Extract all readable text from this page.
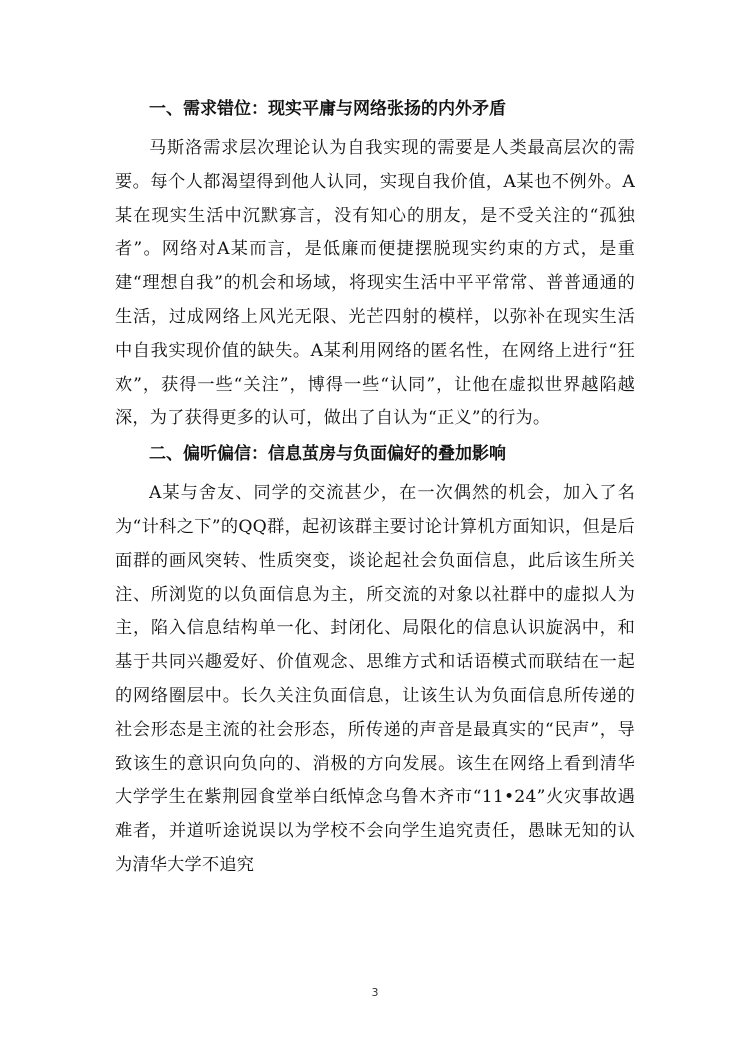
一、需求错位：现实平庸与网络张扬的内外矛盾

马斯洛需求层次理论认为自我实现的需要是人类最高层次的需要。每个人都渴望得到他人认同，实现自我价值，A某也不例外。A某在现实生活中沉默寡言，没有知心的朋友，是不受关注的“孤独者”。网络对A某而言，是低廉而便捷摆脱现实约束的方式，是重建“理想自我”的机会和场域，将现实生活中平平常常、普普通通的生活，过成网络上风光无限、光芒四射的模样，以弥补在现实生活中自我实现价值的缺失。A某利用网络的匿名性，在网络上进行“狂欢”，获得一些“关注”，博得一些“认同”，让他在虚拟世界越陷越深，为了获得更多的认可，做出了自认为“正义”的行为。

二、偏听偏信：信息茧房与负面偏好的叠加影响

A某与舍友、同学的交流甚少，在一次偶然的机会，加入了名为“计科之下”的QQ群，起初该群主要讨论计算机方面知识，但是后面群的画风突转、性质突变，谈论起社会负面信息，此后该生所关注、所浏览的以负面信息为主，所交流的对象以社群中的虚拟人为主，陷入信息结构单一化、封闭化、局限化的信息认识旋涡中，和基于共同兴趣爱好、价值观念、思维方式和话语模式而联结在一起的网络圈层中。长久关注负面信息，让该生认为负面信息所传递的社会形态是主流的社会形态，所传递的声音是最真实的“民声”，导致该生的意识向负向的、消极的方向发展。该生在网络上看到清华大学学生在紫荆园食堂举白纸悼念乌鲁木齐市“11•24”火灾事故遇难者，并道听途说误以为学校不会向学生追究责任，愚昧无知的认为清华大学不追究

3
